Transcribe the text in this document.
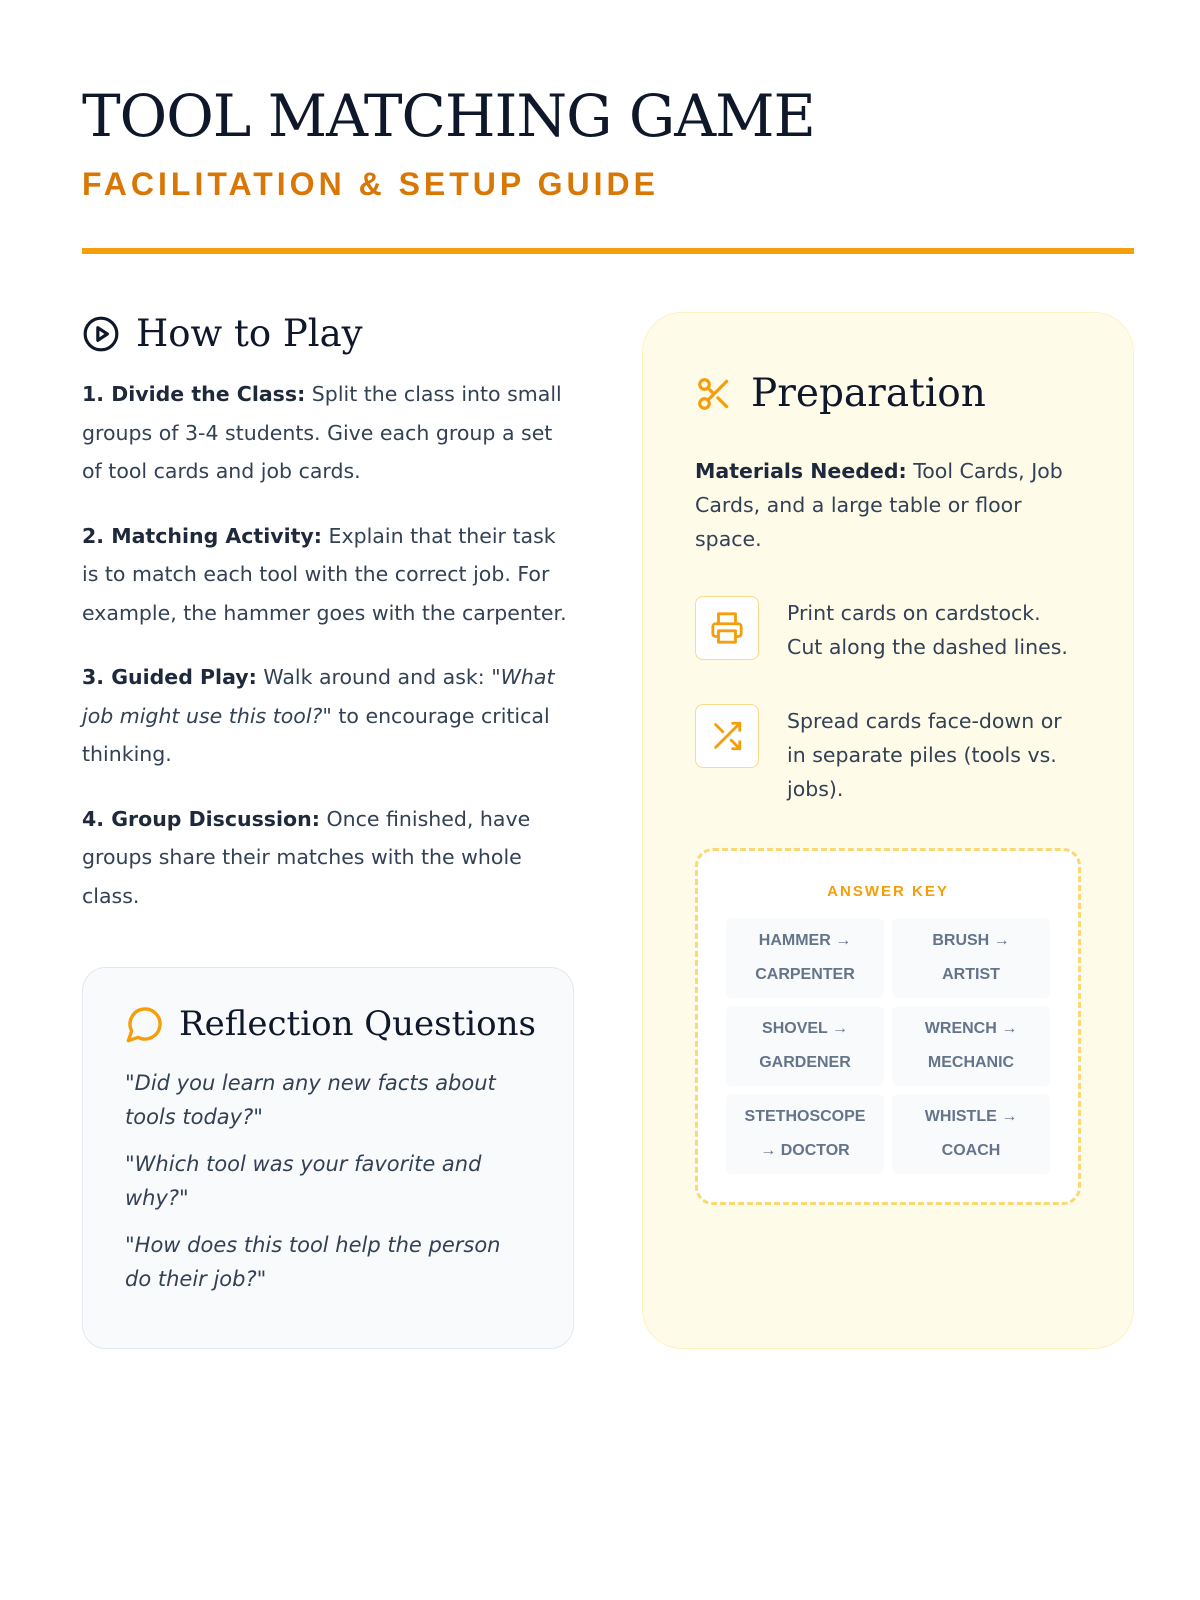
TOOL MATCHING GAME
FACILITATION & SETUP GUIDE
How to Play

1. Divide the Class: Split the class into small groups of 3-4 students. Give each group a set of tool cards and job cards.

2. Matching Activity: Explain that their task is to match each tool with the correct job. For example, the hammer goes with the carpenter.

3. Guided Play: Walk around and ask: "What job might use this tool?" to encourage critical thinking.

4. Group Discussion: Once finished, have groups share their matches with the whole class.

Reflection Questions

"Did you learn any new facts about tools today?"

"Which tool was your favorite and why?"

"How does this tool help the person do their job?"

Preparation

Materials Needed: Tool Cards, Job Cards, and a large table or floor space.

Print cards on cardstock. Cut along the dashed lines.

Spread cards face-down or in separate piles (tools vs. jobs).

ANSWER KEY
HAMMER → CARPENTER
BRUSH → ARTIST
SHOVEL → GARDENER
WRENCH → MECHANIC
STETHOSCOPE → DOCTOR
WHISTLE → COACH
